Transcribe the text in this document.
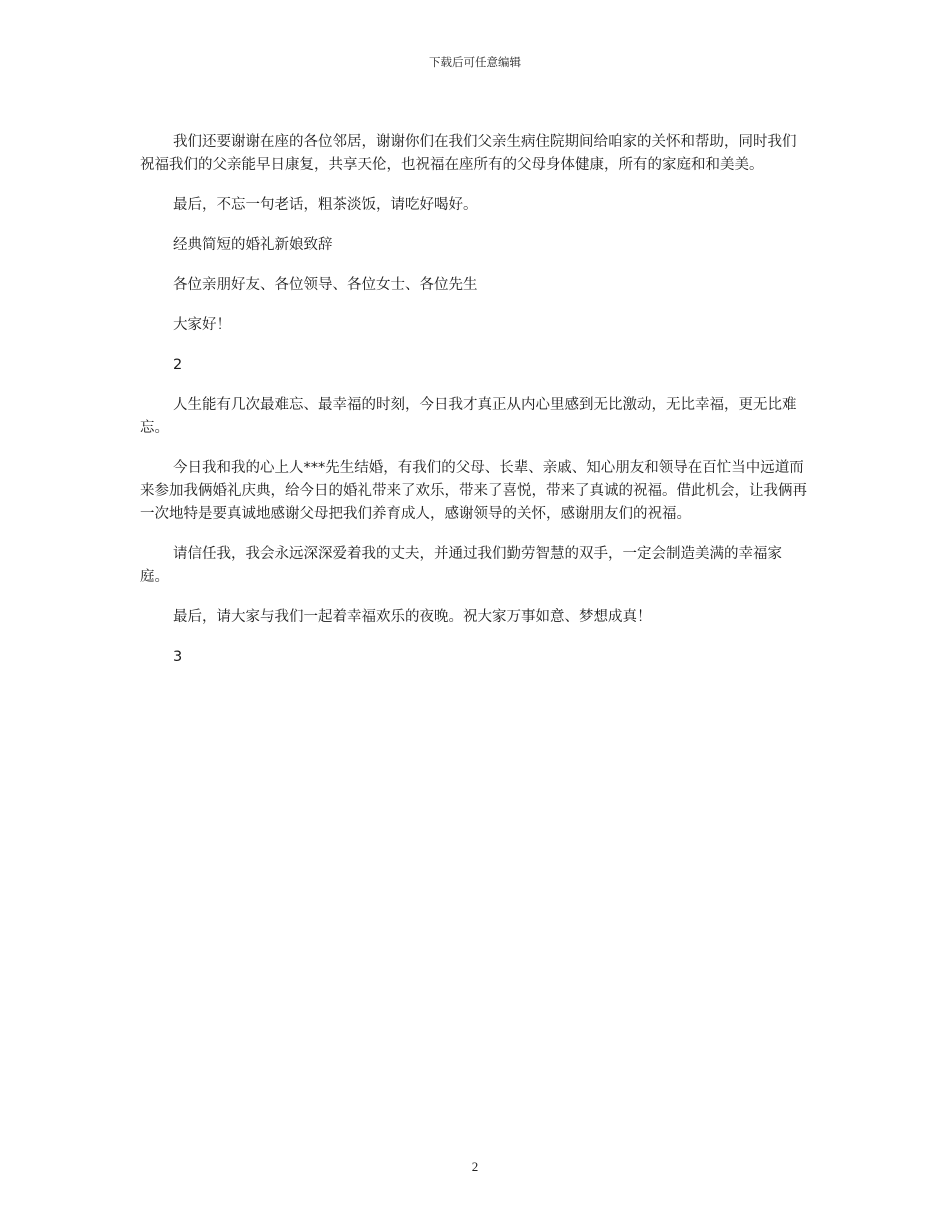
下载后可任意编辑

我们还要谢谢在座的各位邻居，谢谢你们在我们父亲生病住院期间给咱家的关怀和帮助，同时我们祝福我们的父亲能早日康复，共享天伦，也祝福在座所有的父母身体健康，所有的家庭和和美美。

最后，不忘一句老话，粗茶淡饭，请吃好喝好。

经典简短的婚礼新娘致辞

各位亲朋好友、各位领导、各位女士、各位先生

大家好！

2

人生能有几次最难忘、最幸福的时刻，今日我才真正从内心里感到无比激动，无比幸福，更无比难忘。

今日我和我的心上人***先生结婚，有我们的父母、长辈、亲戚、知心朋友和领导在百忙当中远道而来参加我俩婚礼庆典，给今日的婚礼带来了欢乐，带来了喜悦，带来了真诚的祝福。借此机会，让我俩再一次地特是要真诚地感谢父母把我们养育成人，感谢领导的关怀，感谢朋友们的祝福。

请信任我，我会永远深深爱着我的丈夫，并通过我们勤劳智慧的双手，一定会制造美满的幸福家庭。

最后，请大家与我们一起着幸福欢乐的夜晚。祝大家万事如意、梦想成真！

3

2
